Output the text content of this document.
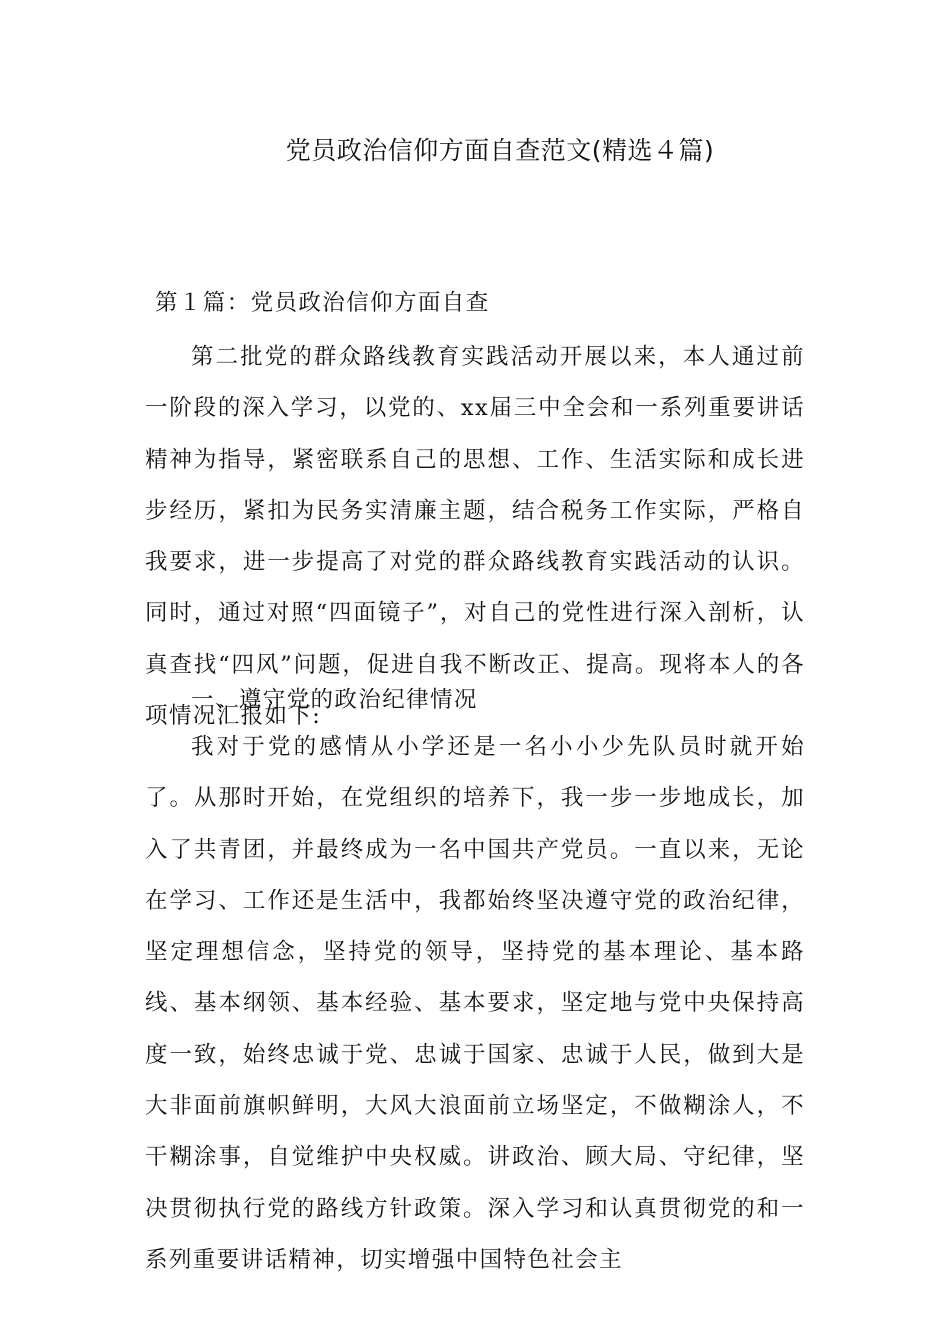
党员政治信仰方面自查范文(精选４篇)
第１篇：党员政治信仰方面自查

第二批党的群众路线教育实践活动开展以来，本人通过前一阶段的深入学习，以党的、xx届三中全会和一系列重要讲话精神为指导，紧密联系自己的思想、工作、生活实际和成长进步经历，紧扣为民务实清廉主题，结合税务工作实际，严格自我要求，进一步提高了对党的群众路线教育实践活动的认识。同时，通过对照“四面镜子”，对自己的党性进行深入剖析，认真查找“四风”问题，促进自我不断改正、提高。现将本人的各项情况汇报如下:

一、遵守党的政治纪律情况

我对于党的感情从小学还是一名小小少先队员时就开始了。从那时开始，在党组织的培养下，我一步一步地成长，加入了共青团，并最终成为一名中国共产党员。一直以来，无论在学习、工作还是生活中，我都始终坚决遵守党的政治纪律，坚定理想信念，坚持党的领导，坚持党的基本理论、基本路线、基本纲领、基本经验、基本要求，坚定地与党中央保持高度一致，始终忠诚于党、忠诚于国家、忠诚于人民，做到大是大非面前旗帜鲜明，大风大浪面前立场坚定，不做糊涂人，不干糊涂事，自觉维护中央权威。讲政治、顾大局、守纪律，坚决贯彻执行党的路线方针政策。深入学习和认真贯彻党的和一系列重要讲话精神，切实增强中国特色社会主
